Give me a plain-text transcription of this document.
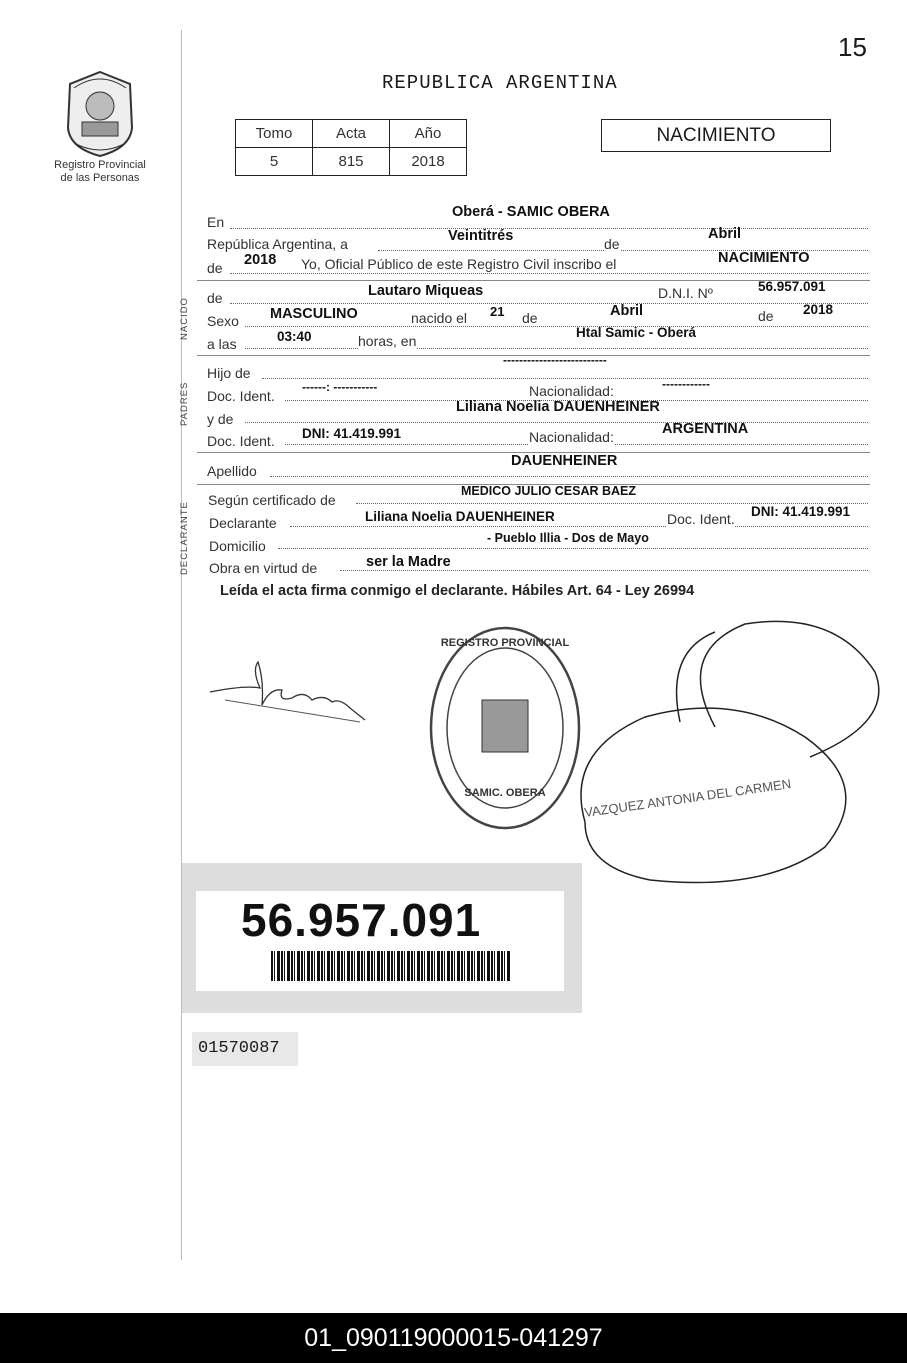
15
Registro Provincial
de las Personas
REPUBLICA ARGENTINA
Tomo	Acta	Año
5	815	2018
NACIMIENTO
En
Oberá - SAMIC OBERA
República Argentina, a	Veintitrés	de
Abril
de 2018 Yo, Oficial Público de este Registro Civil inscribo el	NACIMIENTO
NACIDO de	Lautaro Miqueas	D.N.I. Nº	56.957.091
Sexo MASCULINO	nacido el 21 de	Abril	de 2018
a las	03:40	horas, en
Htal Samic - Oberá
PADRES
Hijo de
--------------------------
Doc. Ident.
------: -----------	Nacionalidad:	------------
y de
Liliana Noelia DAUENHEINER
Doc. Ident. DNI: 41.419.991	Nacionalidad:	ARGENTINA
Apellido
DAUENHEINER
DECLARANTE
Según certificado de
MEDICO JULIO CESAR BAEZ
Declarante	Liliana Noelia DAUENHEINER	Doc. Ident. DNI: 41.419.991
Domicilio	- Pueblo Illia - Dos de Mayo
Obra en virtud de	ser la Madre
Leída el acta firma conmigo el declarante. Hábiles Art. 64 - Ley 26994
REGISTRO PROVINCIAL
SAMIC. OBERA	VAZQUEZ ANTONIA DEL CARMEN
56.957.091
01570087
01_090119000015-041297
